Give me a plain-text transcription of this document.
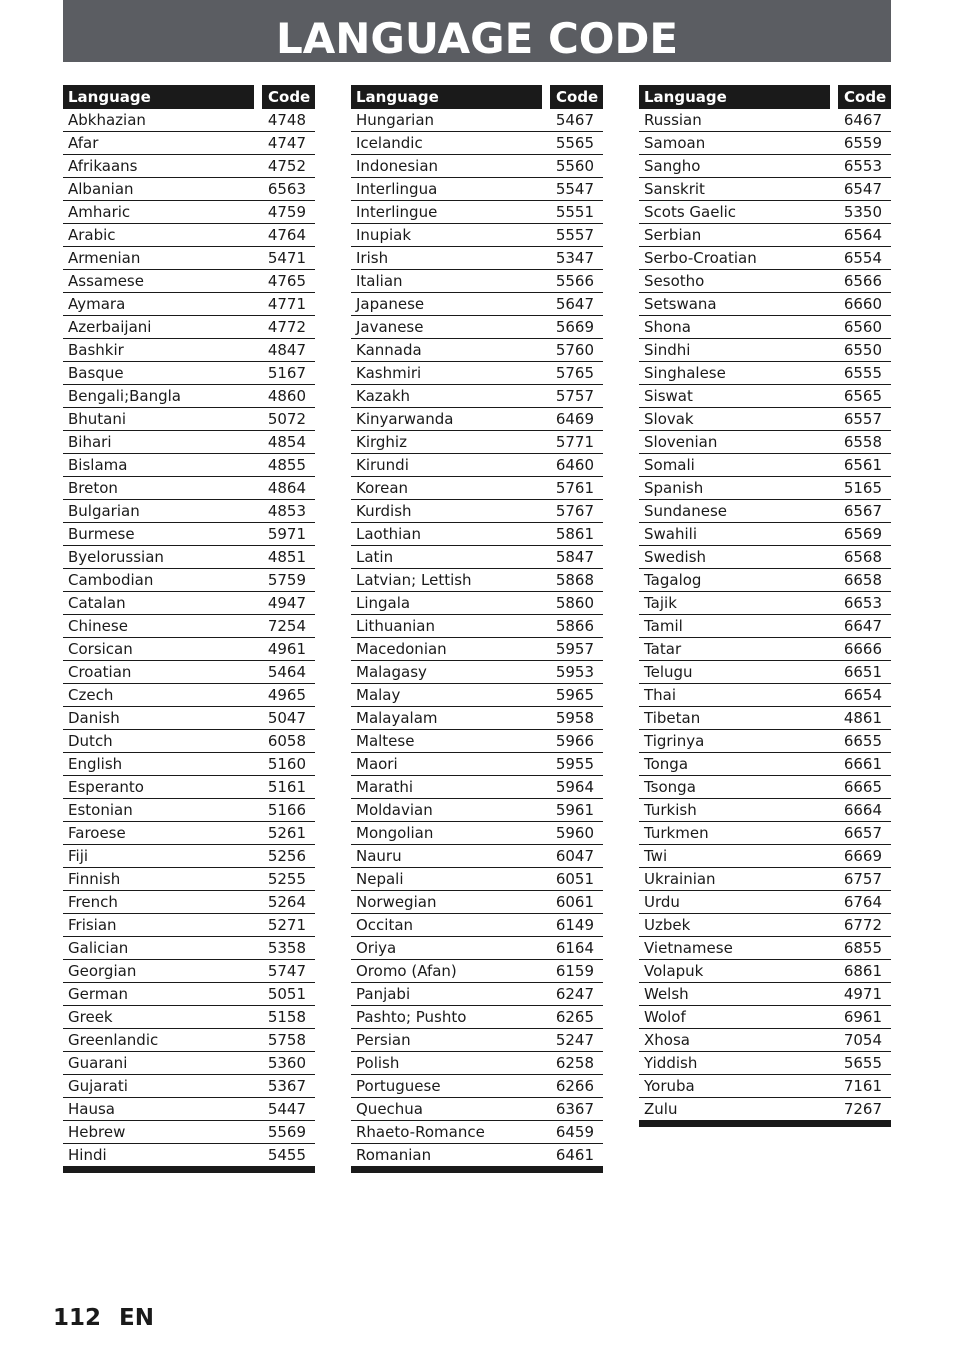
LANGUAGE CODE
Language	Code
Abkhazian	4748
Afar	4747
Afrikaans	4752
Albanian	6563
Amharic	4759
Arabic	4764
Armenian	5471
Assamese	4765
Aymara	4771
Azerbaijani	4772
Bashkir	4847
Basque	5167
Bengali;Bangla	4860
Bhutani	5072
Bihari	4854
Bislama	4855
Breton	4864
Bulgarian	4853
Burmese	5971
Byelorussian	4851
Cambodian	5759
Catalan	4947
Chinese	7254
Corsican	4961
Croatian	5464
Czech	4965
Danish	5047
Dutch	6058
English	5160
Esperanto	5161
Estonian	5166
Faroese	5261
Fiji	5256
Finnish	5255
French	5264
Frisian	5271
Galician	5358
Georgian	5747
German	5051
Greek	5158
Greenlandic	5758
Guarani	5360
Gujarati	5367
Hausa	5447
Hebrew	5569
Hindi	5455
Language	Code
Hungarian	5467
Icelandic	5565
Indonesian	5560
Interlingua	5547
Interlingue	5551
Inupiak	5557
Irish	5347
Italian	5566
Japanese	5647
Javanese	5669
Kannada	5760
Kashmiri	5765
Kazakh	5757
Kinyarwanda	6469
Kirghiz	5771
Kirundi	6460
Korean	5761
Kurdish	5767
Laothian	5861
Latin	5847
Latvian; Lettish	5868
Lingala	5860
Lithuanian	5866
Macedonian	5957
Malagasy	5953
Malay	5965
Malayalam	5958
Maltese	5966
Maori	5955
Marathi	5964
Moldavian	5961
Mongolian	5960
Nauru	6047
Nepali	6051
Norwegian	6061
Occitan	6149
Oriya	6164
Oromo (Afan)	6159
Panjabi	6247
Pashto; Pushto	6265
Persian	5247
Polish	6258
Portuguese	6266
Quechua	6367
Rhaeto-Romance	6459
Romanian	6461
Language	Code
Russian	6467
Samoan	6559
Sangho	6553
Sanskrit	6547
Scots Gaelic	5350
Serbian	6564
Serbo-Croatian	6554
Sesotho	6566
Setswana	6660
Shona	6560
Sindhi	6550
Singhalese	6555
Siswat	6565
Slovak	6557
Slovenian	6558
Somali	6561
Spanish	5165
Sundanese	6567
Swahili	6569
Swedish	6568
Tagalog	6658
Tajik	6653
Tamil	6647
Tatar	6666
Telugu	6651
Thai	6654
Tibetan	4861
Tigrinya	6655
Tonga	6661
Tsonga	6665
Turkish	6664
Turkmen	6657
Twi	6669
Ukrainian	6757
Urdu	6764
Uzbek	6772
Vietnamese	6855
Volapuk	6861
Welsh	4971
Wolof	6961
Xhosa	7054
Yiddish	5655
Yoruba	7161
Zulu	7267
112 EN
